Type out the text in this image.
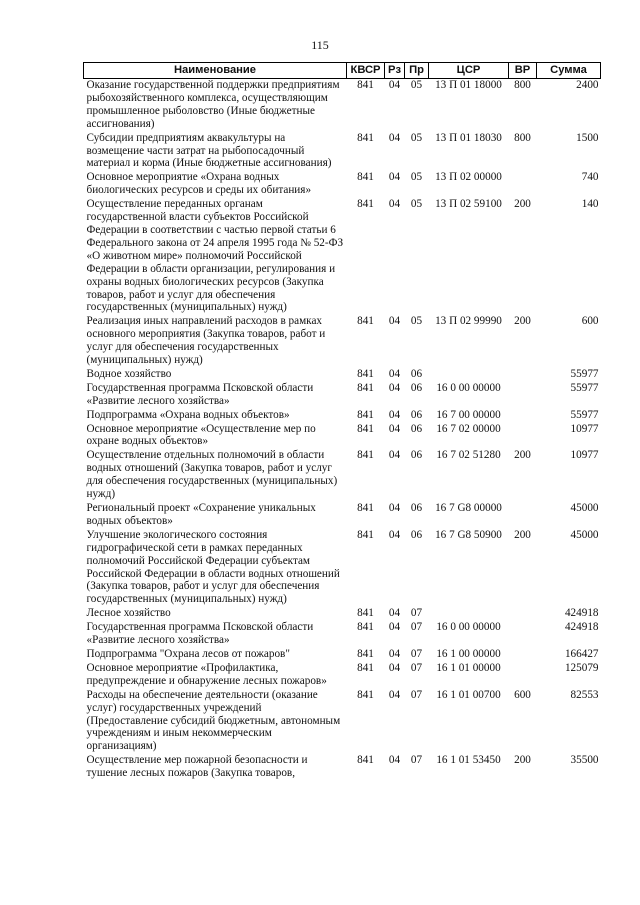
115
Наименование	КВСР	Рз	Пр	ЦСР	ВР	Сумма
Оказание государственной поддержки предприятиям рыбохозяйственного комплекса, осуществляющим промышленное рыболовство (Иные бюджетные ассигнования)	841	04	05	13 П 01 18000	800	2400
Субсидии предприятиям аквакультуры на возмещение части затрат на рыбопосадочный материал и корма (Иные бюджетные ассигнования)	841	04	05	13 П 01 18030	800	1500
Основное мероприятие «Охрана водных биологических ресурсов и среды их обитания»	841	04	05	13 П 02 00000		740
Осуществление переданных органам государственной власти субъектов Российской Федерации в соответствии с частью первой статьи 6 Федерального закона от 24 апреля 1995 года № 52-ФЗ «О животном мире» полномочий Российской Федерации в области организации, регулирования и охраны водных биологических ресурсов (Закупка товаров, работ и услуг для обеспечения государственных (муниципальных) нужд)	841	04	05	13 П 02 59100	200	140
Реализация иных направлений расходов в рамках основного мероприятия (Закупка товаров, работ и услуг для обеспечения государственных (муниципальных) нужд)	841	04	05	13 П 02 99990	200	600
Водное хозяйство	841	04	06			55977
Государственная программа Псковской области «Развитие лесного хозяйства»	841	04	06	16 0 00 00000		55977
Подпрограмма «Охрана водных объектов»	841	04	06	16 7 00 00000		55977
Основное мероприятие «Осуществление мер по охране водных объектов»	841	04	06	16 7 02 00000		10977
Осуществление отдельных полномочий в области водных отношений (Закупка товаров, работ и услуг для обеспечения государственных (муниципальных) нужд)	841	04	06	16 7 02 51280	200	10977
Региональный проект «Сохранение уникальных водных объектов»	841	04	06	16 7 G8 00000		45000
Улучшение экологического состояния гидрографической сети в рамках переданных полномочий Российской Федерации субъектам Российской Федерации в области водных отношений (Закупка товаров, работ и услуг для обеспечения государственных (муниципальных) нужд)	841	04	06	16 7 G8 50900	200	45000
Лесное хозяйство	841	04	07			424918
Государственная программа Псковской области «Развитие лесного хозяйства»	841	04	07	16 0 00 00000		424918
Подпрограмма "Охрана лесов от пожаров"	841	04	07	16 1 00 00000		166427
Основное мероприятие «Профилактика, предупреждение и обнаружение лесных пожаров»	841	04	07	16 1 01 00000		125079
Расходы на обеспечение деятельности (оказание услуг) государственных учреждений (Предоставление субсидий бюджетным, автономным учреждениям и иным некоммерческим организациям)	841	04	07	16 1 01 00700	600	82553
Осуществление мер пожарной безопасности и тушение лесных пожаров (Закупка товаров,	841	04	07	16 1 01 53450	200	35500
